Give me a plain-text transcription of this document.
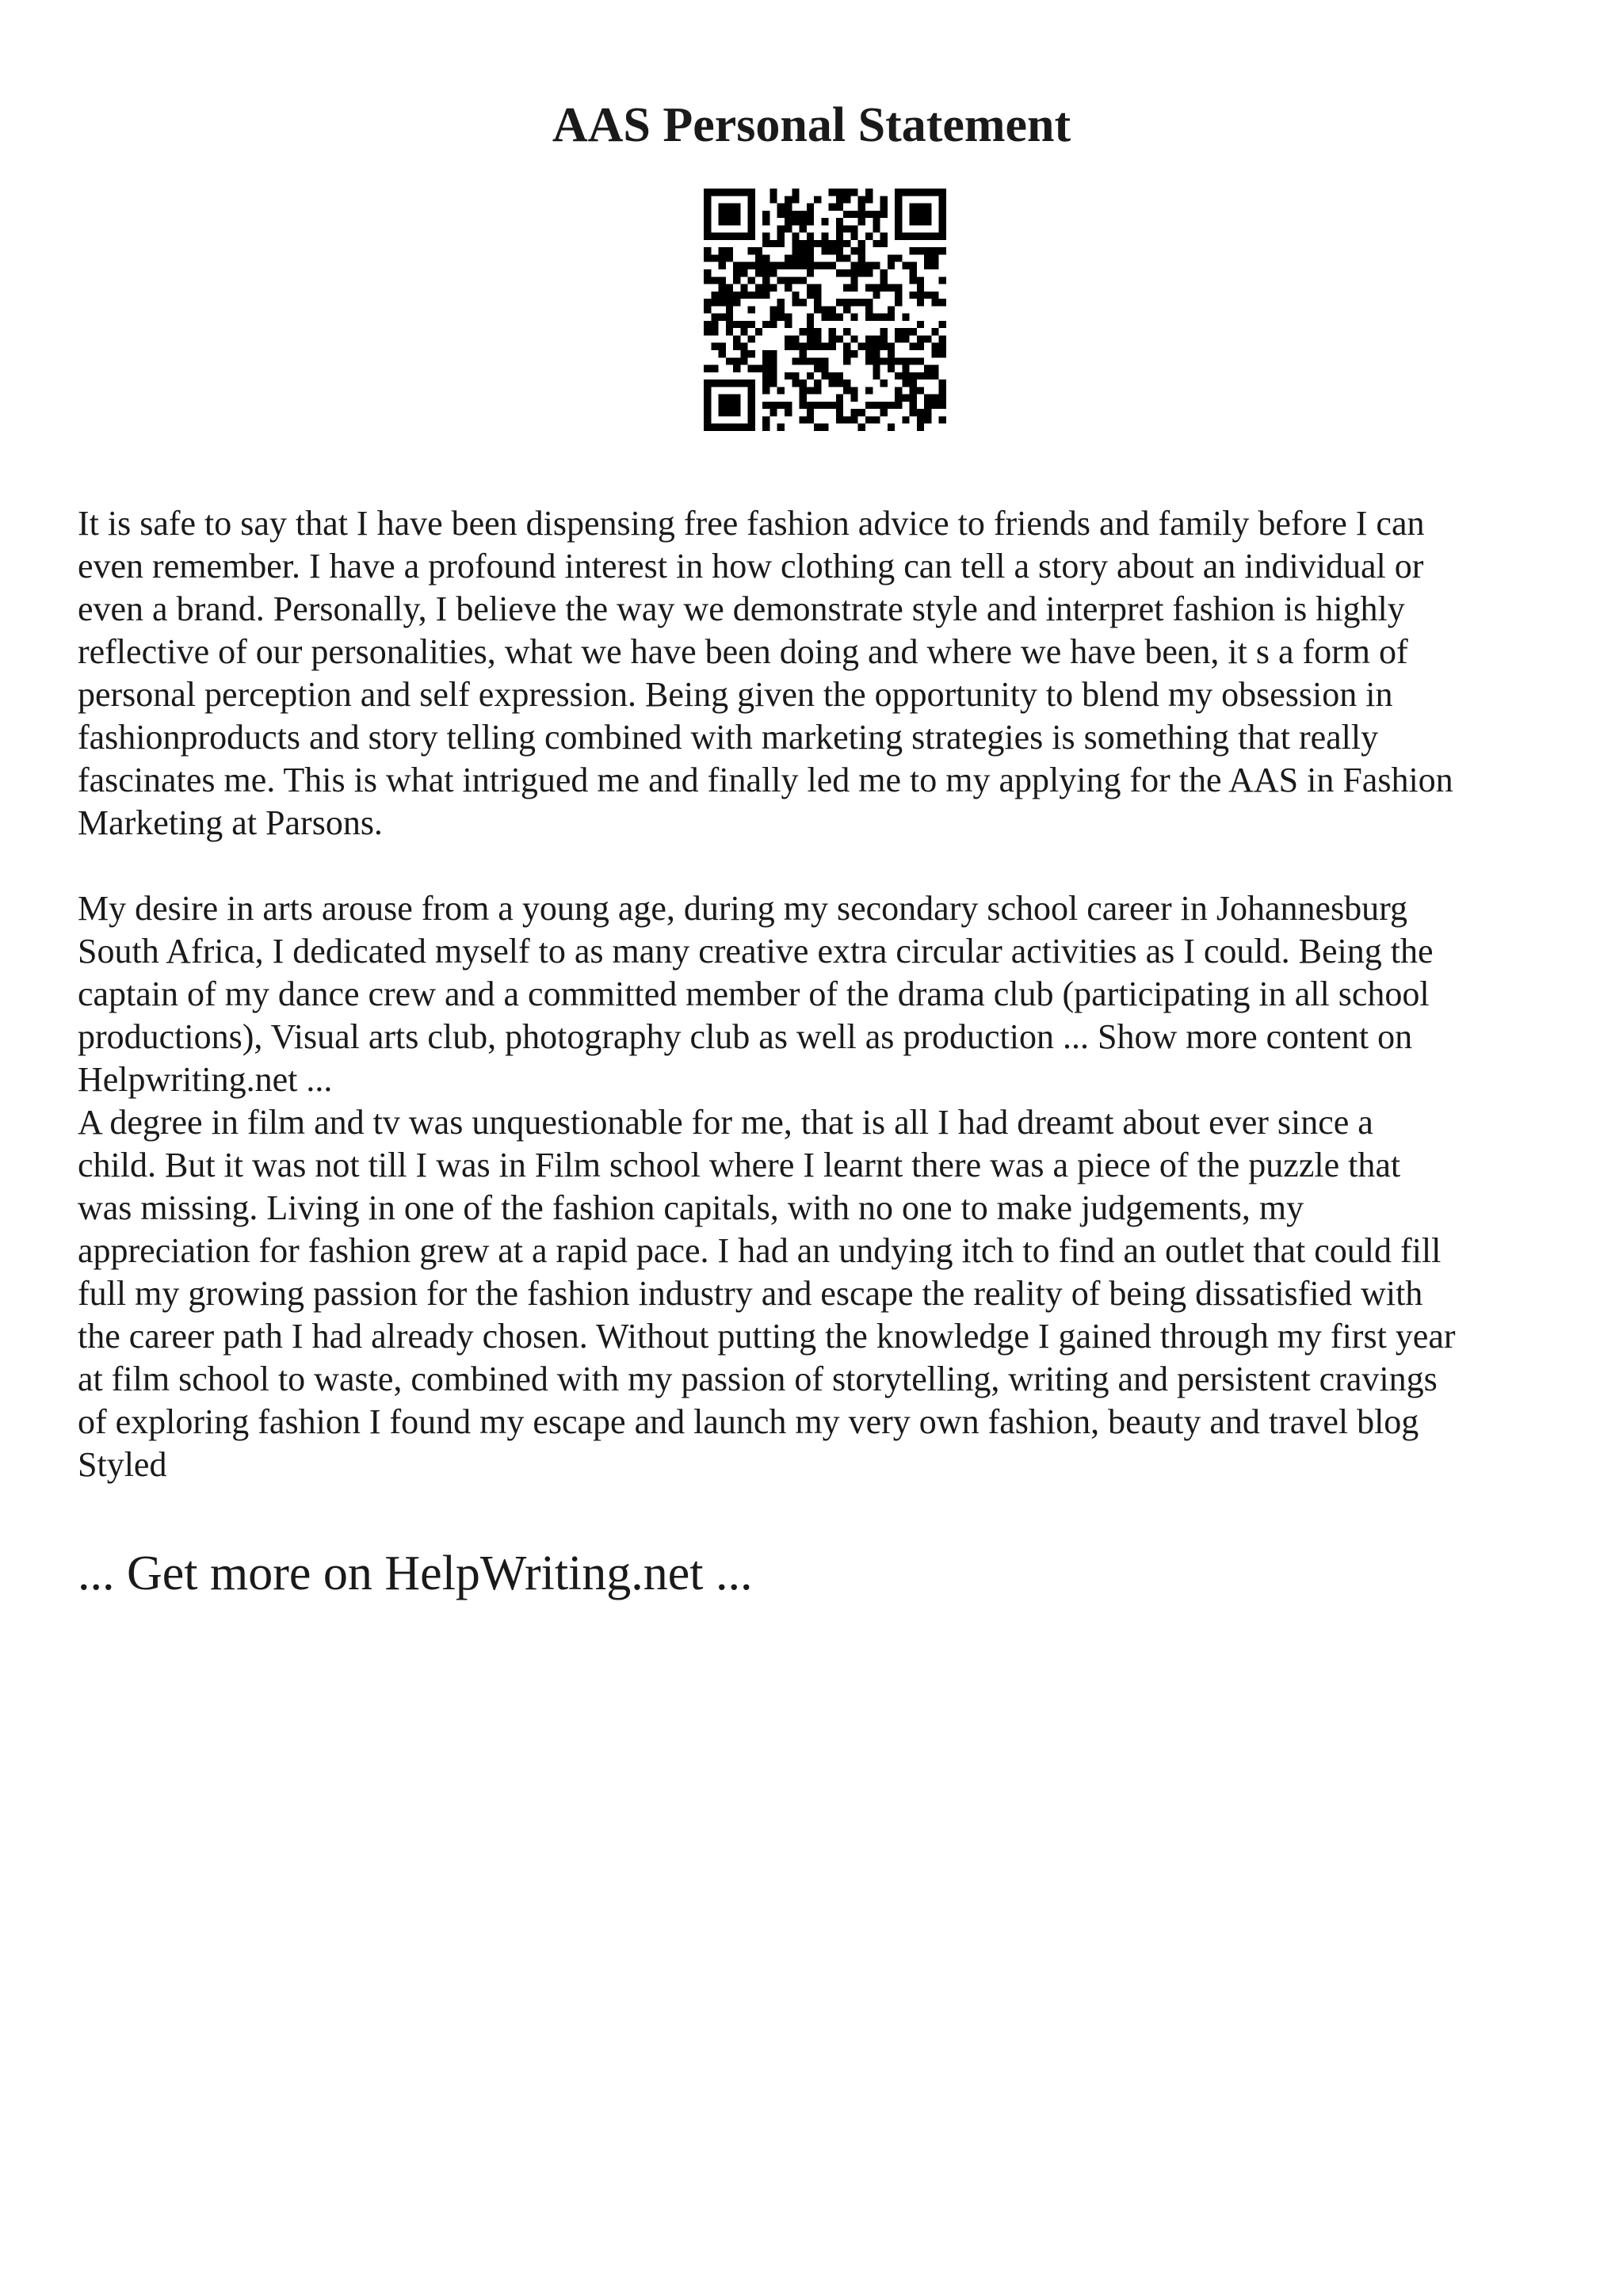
AAS Personal Statement

It is safe to say that I have been dispensing free fashion advice to friends and family before I can
even remember. I have a profound interest in how clothing can tell a story about an individual or
even a brand. Personally, I believe the way we demonstrate style and interpret fashion is highly
reflective of our personalities, what we have been doing and where we have been, it s a form of
personal perception and self expression. Being given the opportunity to blend my obsession in
fashionproducts and story telling combined with marketing strategies is something that really
fascinates me. This is what intrigued me and finally led me to my applying for the AAS in Fashion
Marketing at Parsons.

My desire in arts arouse from a young age, during my secondary school career in Johannesburg
South Africa, I dedicated myself to as many creative extra circular activities as I could. Being the
captain of my dance crew and a committed member of the drama club (participating in all school
productions), Visual arts club, photography club as well as production ... Show more content on
Helpwriting.net ...

A degree in film and tv was unquestionable for me, that is all I had dreamt about ever since a
child. But it was not till I was in Film school where I learnt there was a piece of the puzzle that
was missing. Living in one of the fashion capitals, with no one to make judgements, my
appreciation for fashion grew at a rapid pace. I had an undying itch to find an outlet that could fill
full my growing passion for the fashion industry and escape the reality of being dissatisfied with
the career path I had already chosen. Without putting the knowledge I gained through my first year
at film school to waste, combined with my passion of storytelling, writing and persistent cravings
of exploring fashion I found my escape and launch my very own fashion, beauty and travel blog
Styled

... Get more on HelpWriting.net ...
